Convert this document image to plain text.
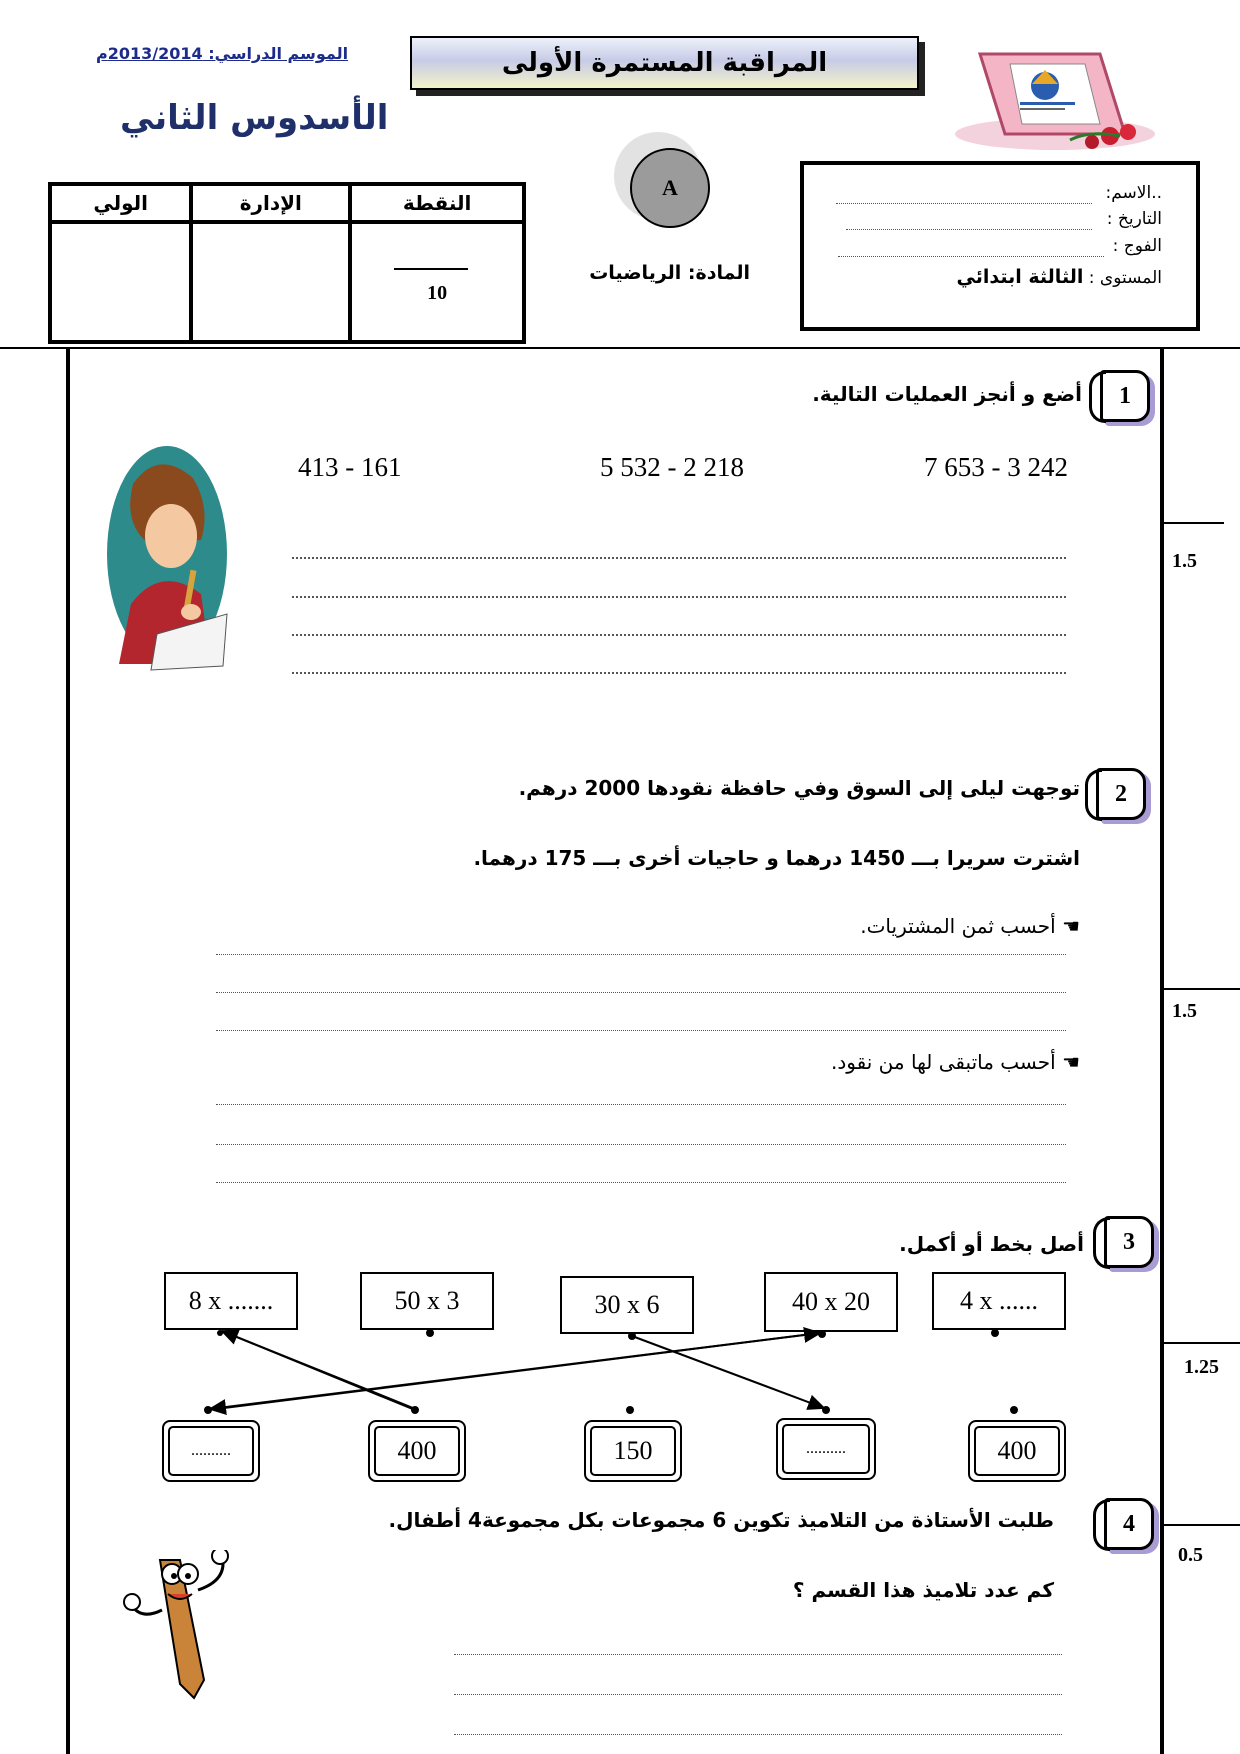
الموسم الدراسي: 2013/2014م	المراقبة المستمرة الأولى
الأسدوس الثاني
الولي	الإدارة	النقطة

		10
A
المادة: الرياضيات
..الاسم:
التاريخ :
الفوج :
المستوى : الثالثة ابتدائي
1.5
1.5
1.25
0.5
1
أضع و أنجز العمليات التالية.
7 653 - 3 242
5 532 - 2 218
413 - 161
2
توجهت ليلى إلى السوق وفي حافظة نقودها 2000 درهم.
اشترت سريرا بـــ 1450 درهما و حاجيات أخرى بـــ 175 درهما.
☚ أحسب ثمن المشتريات.
☚ أحسب ماتبقى لها من نقود.
3
أصل بخط أو أكمل.
8 x .......	50 x 3	30 x 6	40 x 20	4 x ......
..........	400	150	..........	400
4
طلبت الأستاذة من التلاميذ تكوين 6 مجموعات بكل مجموعة4 أطفال.
كم عدد تلاميذ هذا القسم ؟
